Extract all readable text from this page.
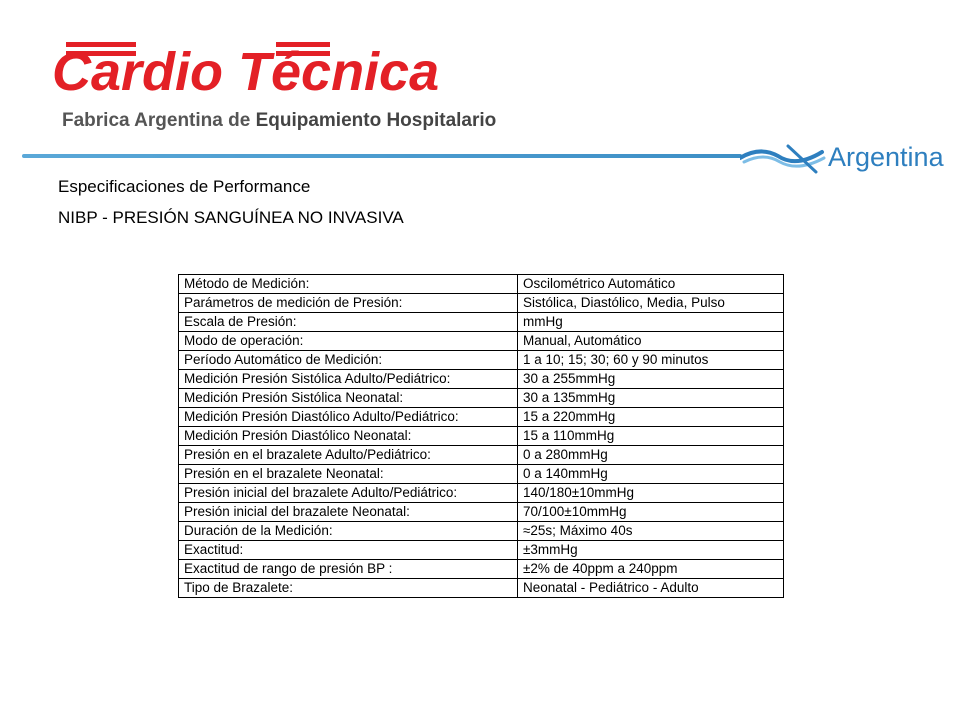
Cardio Técnica
Fabrica Argentina de Equipamiento Hospitalario
Argentina
Especificaciones de Performance
NIBP - PRESIÓN SANGUÍNEA NO INVASIVA
Método de Medición:	Oscilométrico Automático
Parámetros de medición de Presión:	Sistólica, Diastólico, Media, Pulso
Escala de Presión:	mmHg
Modo de operación:	Manual, Automático
Período Automático de Medición:	1 a 10; 15; 30; 60 y 90 minutos
Medición Presión Sistólica Adulto/Pediátrico:	30 a 255mmHg
Medición Presión Sistólica Neonatal:	30 a 135mmHg
Medición Presión Diastólico Adulto/Pediátrico:	15 a 220mmHg
Medición Presión Diastólico Neonatal:	15 a 110mmHg
Presión en el brazalete Adulto/Pediátrico:	0 a 280mmHg
Presión en el brazalete Neonatal:	0 a 140mmHg
Presión inicial del brazalete Adulto/Pediátrico:	140/180±10mmHg
Presión inicial del brazalete Neonatal:	70/100±10mmHg
Duración de la Medición:	≈25s; Máximo 40s
Exactitud:	±3mmHg
Exactitud de rango de presión BP :	±2% de 40ppm a 240ppm
Tipo de Brazalete:	Neonatal - Pediátrico - Adulto
